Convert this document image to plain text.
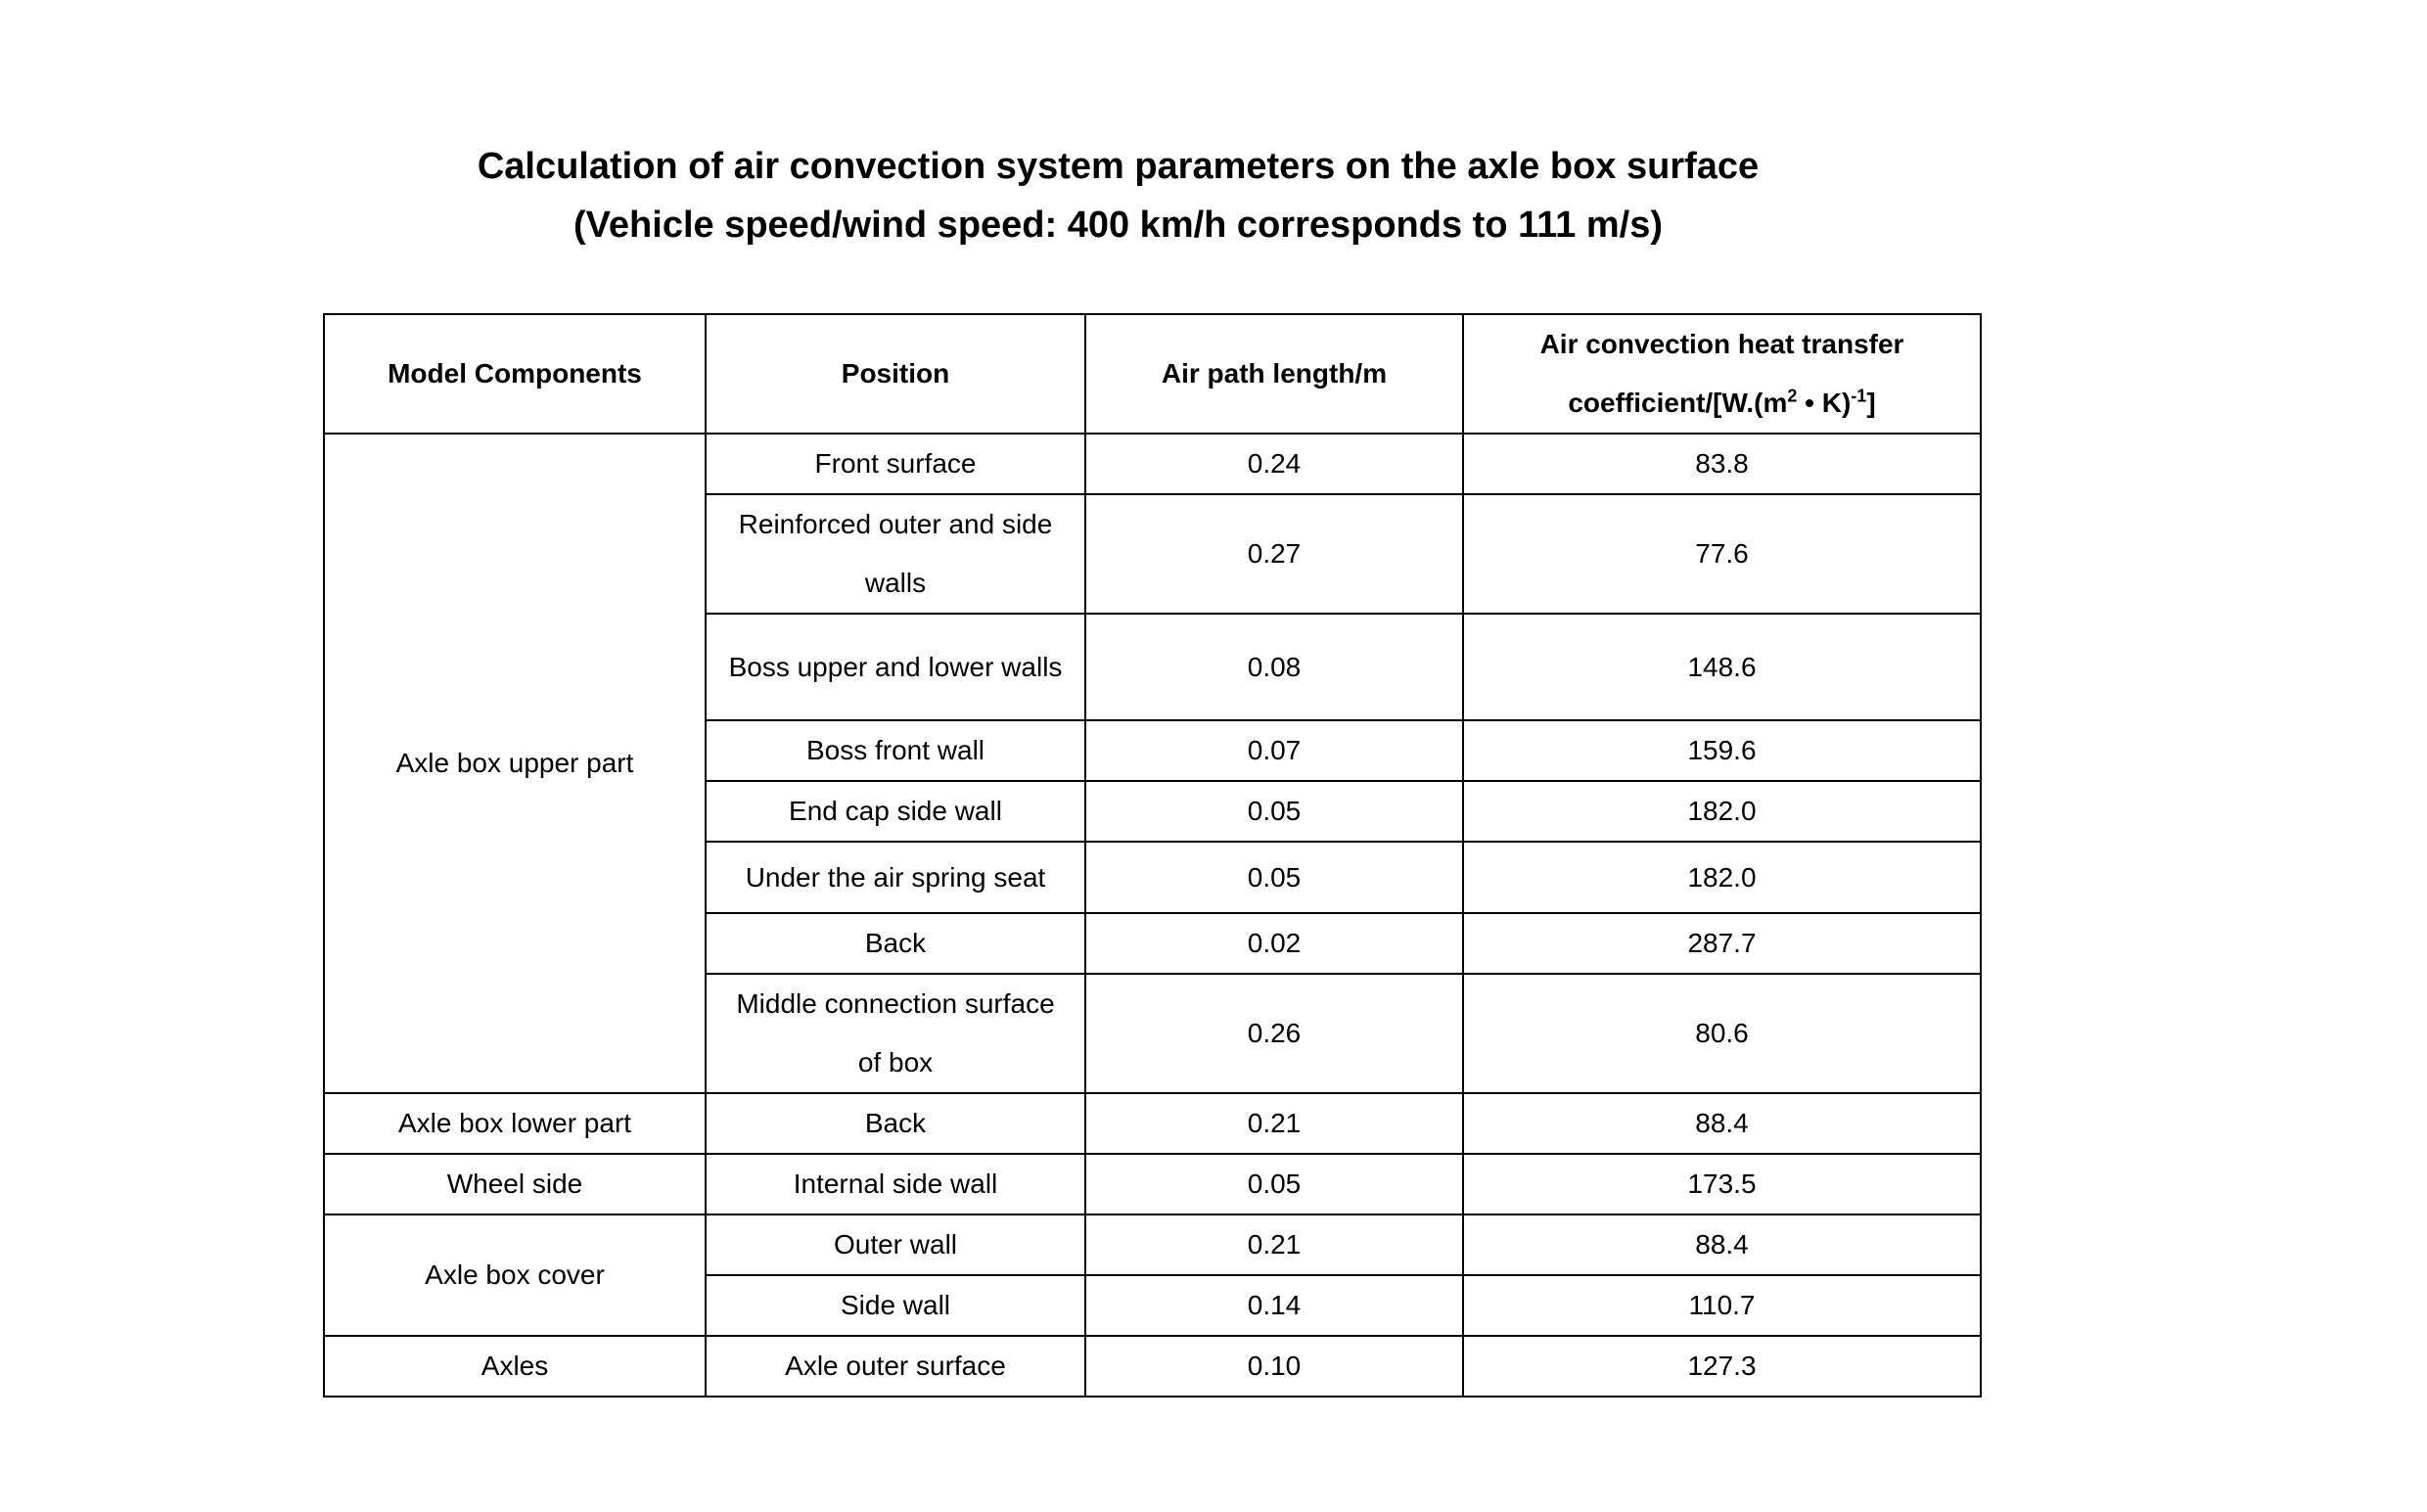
Calculation of air convection system parameters on the axle box surface
(Vehicle speed/wind speed: 400 km/h corresponds to 111 m/s)
Model Components	Position	Air path length/m	Air convection heat transfer coefficient/[$W.(m^2$ • K)$^{-1}$]
Axle box upper part	Front surface	0.24	83.8
	Reinforced outer and side walls	0.27	77.6
	Boss upper and lower walls	0.08	148.6
	Boss front wall	0.07	159.6
	End cap side wall	0.05	182.0
	Under the air spring seat	0.05	182.0
	Back	0.02	287.7
	Middle connection surface of box	0.26	80.6
Axle box lower part	Back	0.21	88.4
Wheel side	Internal side wall	0.05	173.5
Axle box cover	Outer wall	0.21	88.4
	Side wall	0.14	110.7
Axles	Axle outer surface	0.10	127.3
